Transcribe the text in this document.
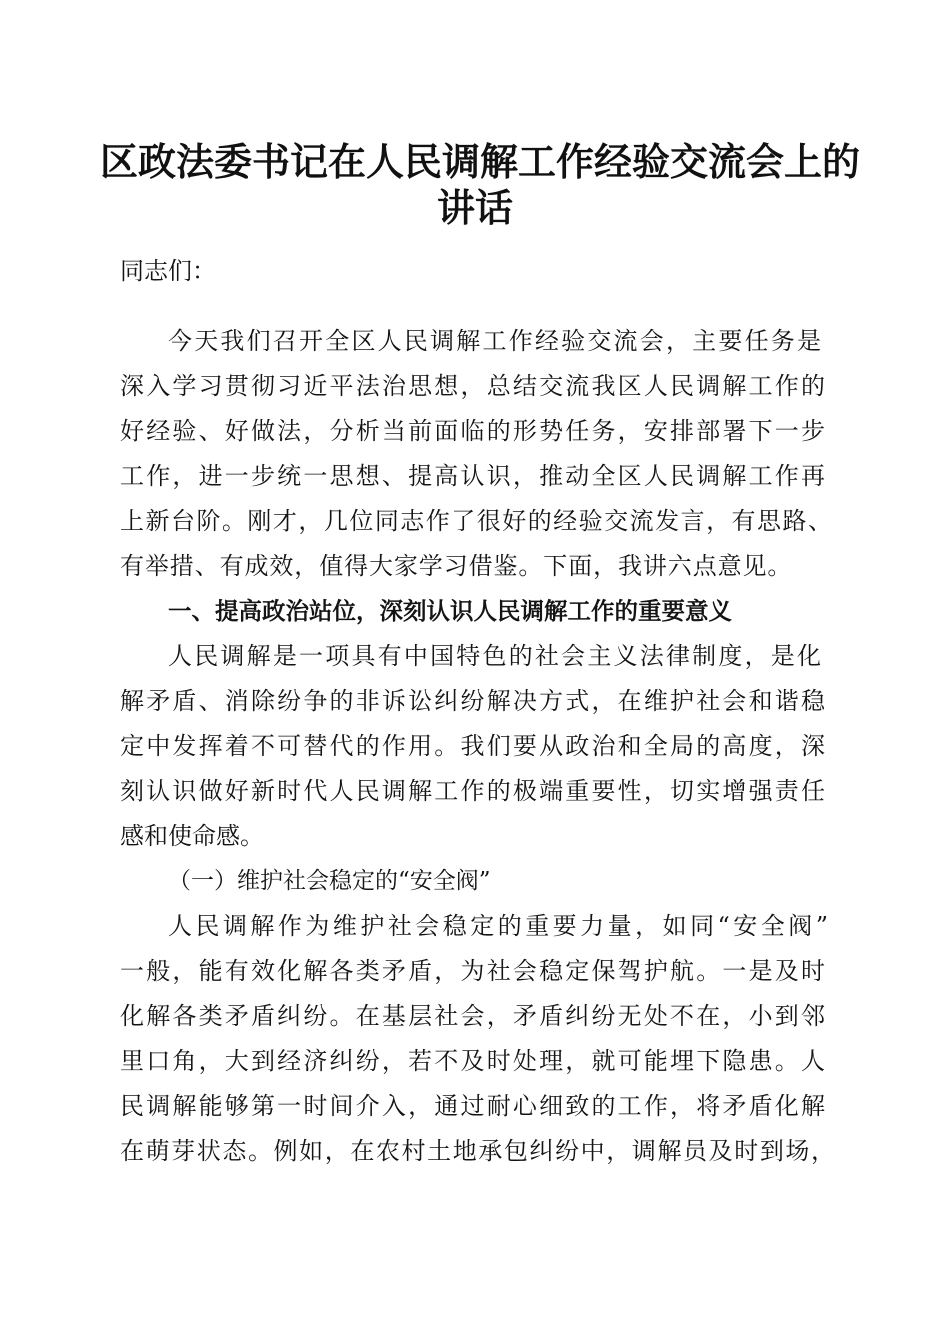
区政法委书记在人民调解工作经验交流会上的
讲话
同志们：
今天我们召开全区人民调解工作经验交流会，主要任务是
深入学习贯彻习近平法治思想，总结交流我区人民调解工作的
好经验、好做法，分析当前面临的形势任务，安排部署下一步
工作，进一步统一思想、提高认识，推动全区人民调解工作再
上新台阶。刚才，几位同志作了很好的经验交流发言，有思路、
有举措、有成效，值得大家学习借鉴。下面，我讲六点意见。
一、提高政治站位，深刻认识人民调解工作的重要意义
人民调解是一项具有中国特色的社会主义法律制度，是化
解矛盾、消除纷争的非诉讼纠纷解决方式，在维护社会和谐稳
定中发挥着不可替代的作用。我们要从政治和全局的高度，深
刻认识做好新时代人民调解工作的极端重要性，切实增强责任
感和使命感。
（一）维护社会稳定的“安全阀”
人民调解作为维护社会稳定的重要力量，如同“安全阀”
一般，能有效化解各类矛盾，为社会稳定保驾护航。一是及时
化解各类矛盾纠纷。在基层社会，矛盾纠纷无处不在，小到邻
里口角，大到经济纠纷，若不及时处理，就可能埋下隐患。人
民调解能够第一时间介入，通过耐心细致的工作，将矛盾化解
在萌芽状态。例如，在农村土地承包纠纷中，调解员及时到场，
